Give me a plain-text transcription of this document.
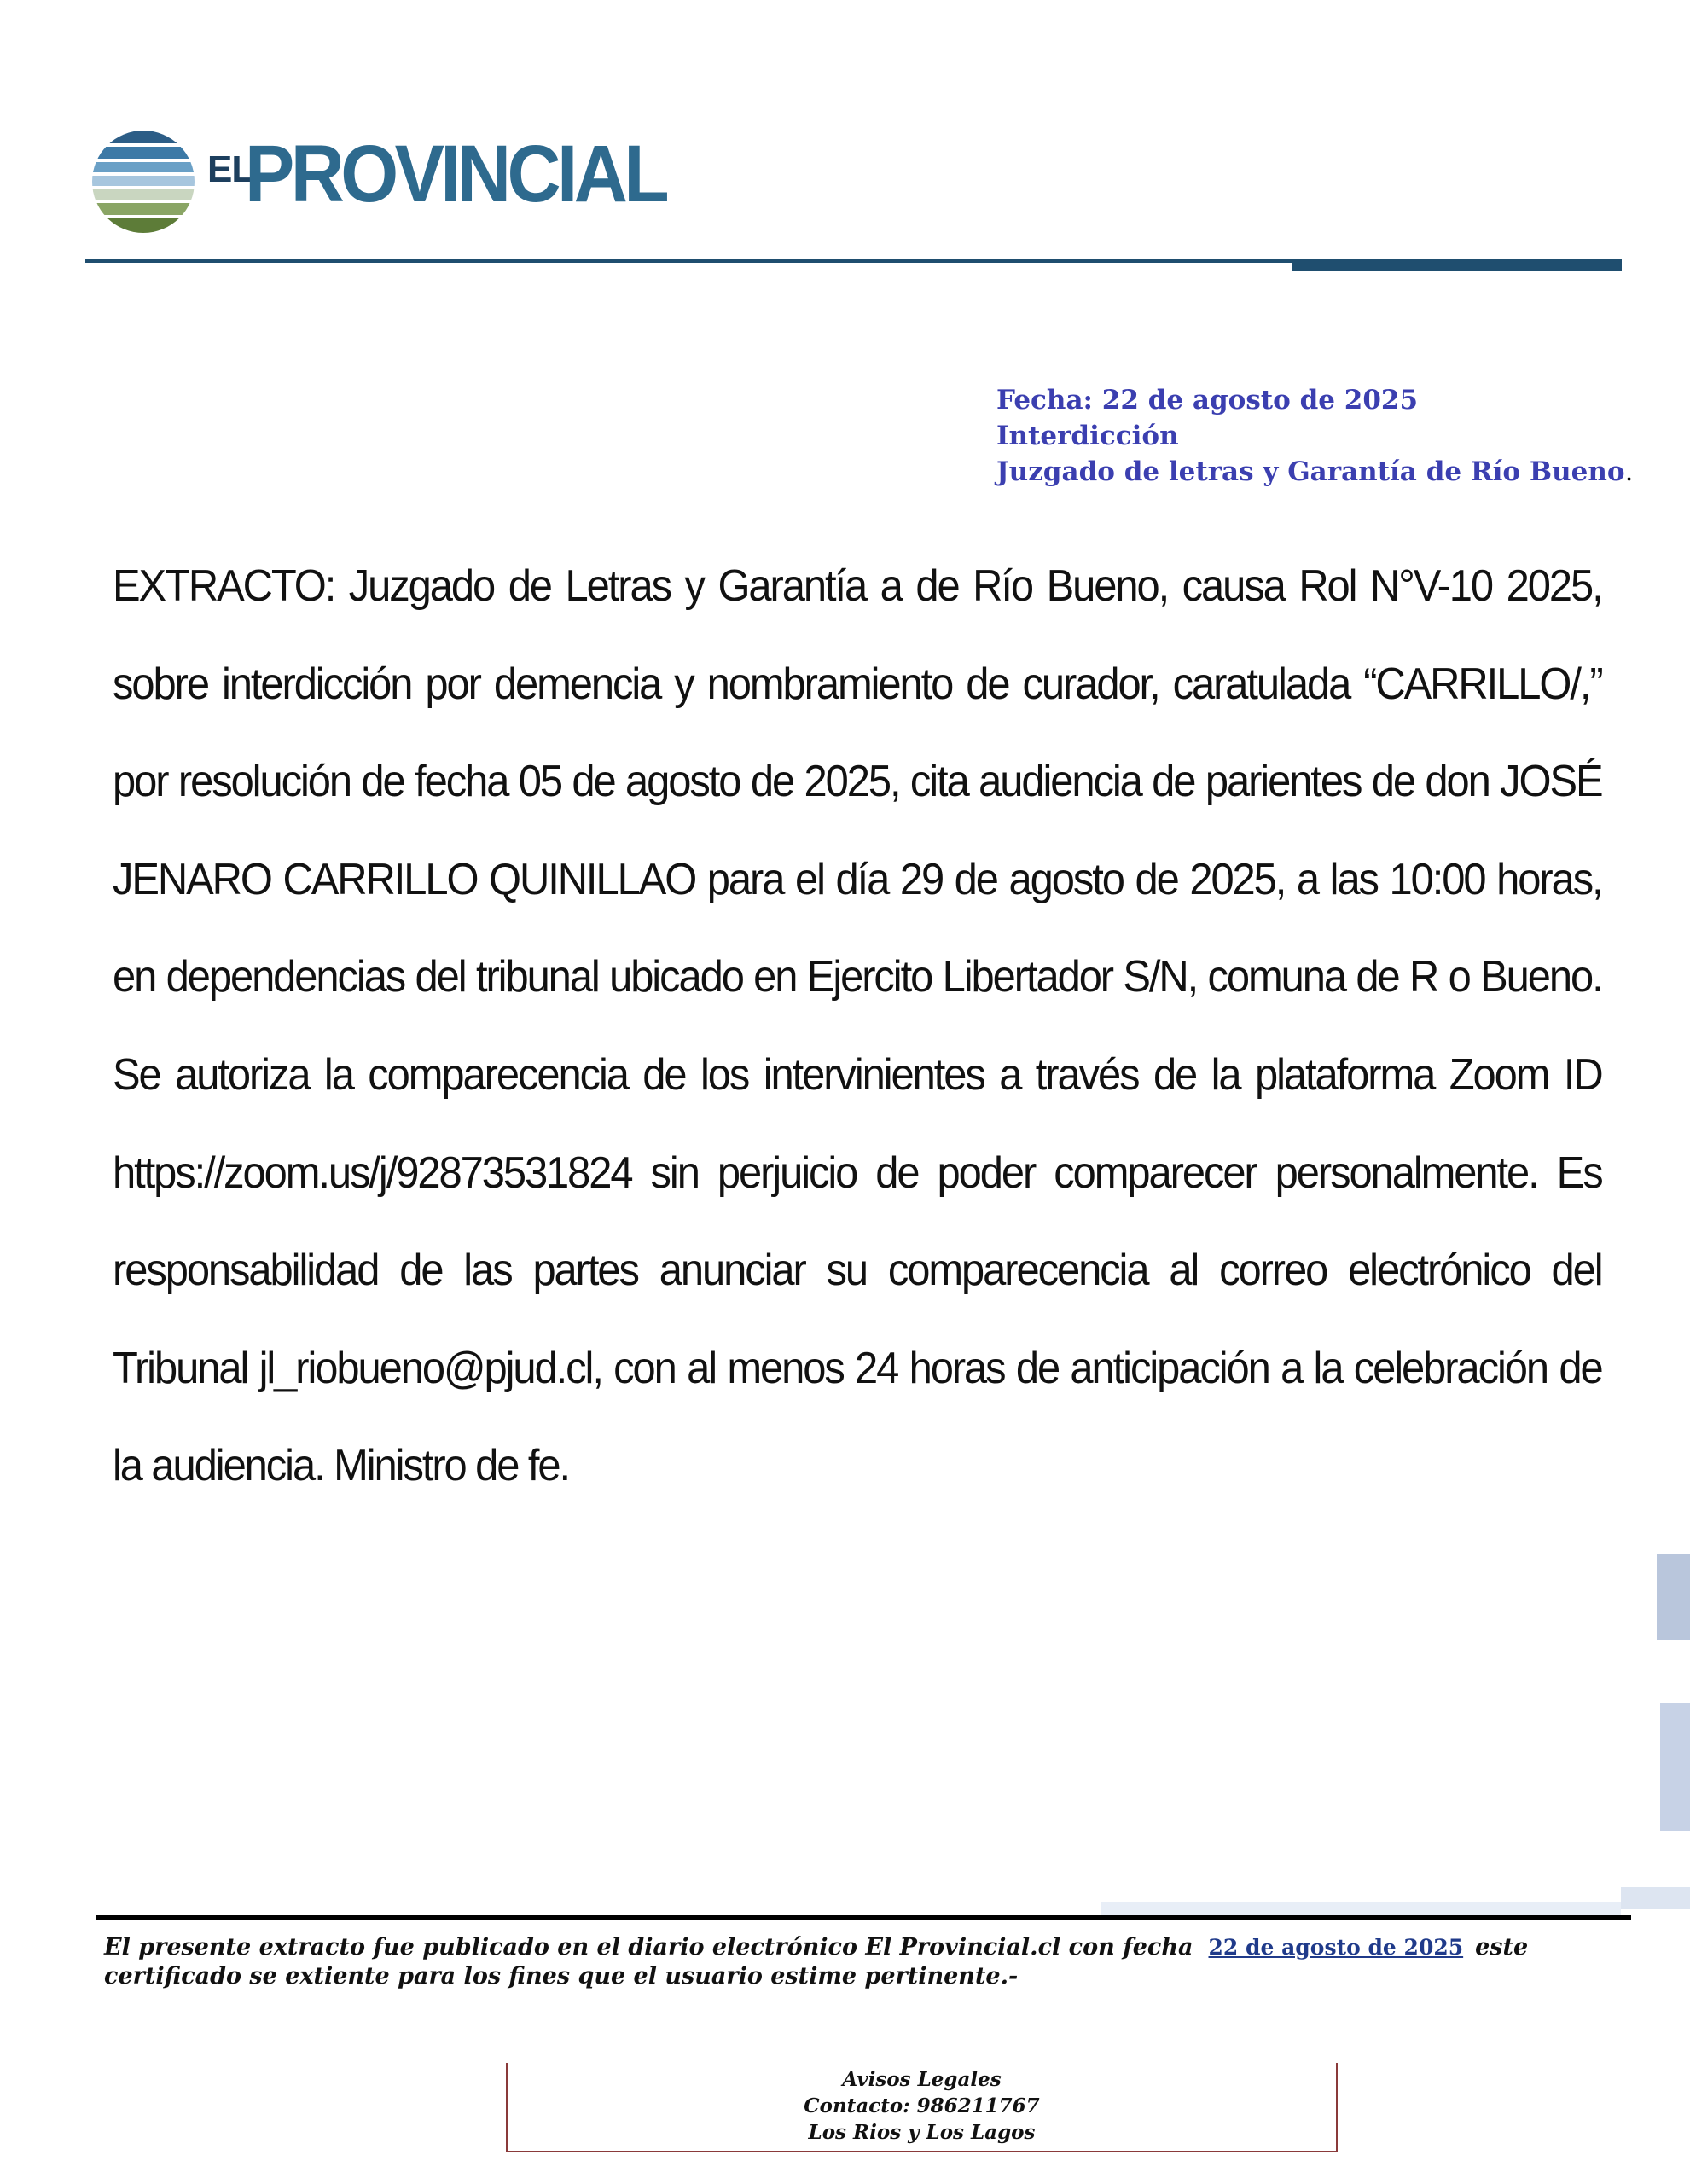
EL
PROVINCIAL
Fecha: 22 de agosto de 2025
Interdicción
Juzgado de letras y Garantía de Río Bueno.
EXTRACTO: Juzgado de Letras y Garantía a de Río Bueno, causa Rol N°V-10 2025, sobre interdicción por demencia y nombramiento de curador, caratulada “CARRILLO/,” por resolución de fecha 05 de agosto de 2025, cita audiencia de parientes de don JOSÉ JENARO CARRILLO QUINILLAO para el día 29 de agosto de 2025, a las 10:00 horas, en dependencias del tribunal ubicado en Ejercito Libertador S/N, comuna de R o Bueno. Se autoriza la comparecencia de los intervinientes a través de la plataforma Zoom ID https://zoom.us/j/92873531824 sin perjuicio de poder comparecer personalmente. Es responsabilidad de las partes anunciar su comparecencia al correo electrónico del Tribunal jl_riobueno@pjud.cl, con al menos 24 horas de anticipación a la celebración de la audiencia. Ministro de fe.
El presente extracto fue publicado en el diario electrónico El Provincial.cl con fecha 22 de agosto de 2025 este certificado se extiente para los fines que el usuario estime pertinente.-
Avisos Legales
Contacto: 986211767
Los Rios y Los Lagos
